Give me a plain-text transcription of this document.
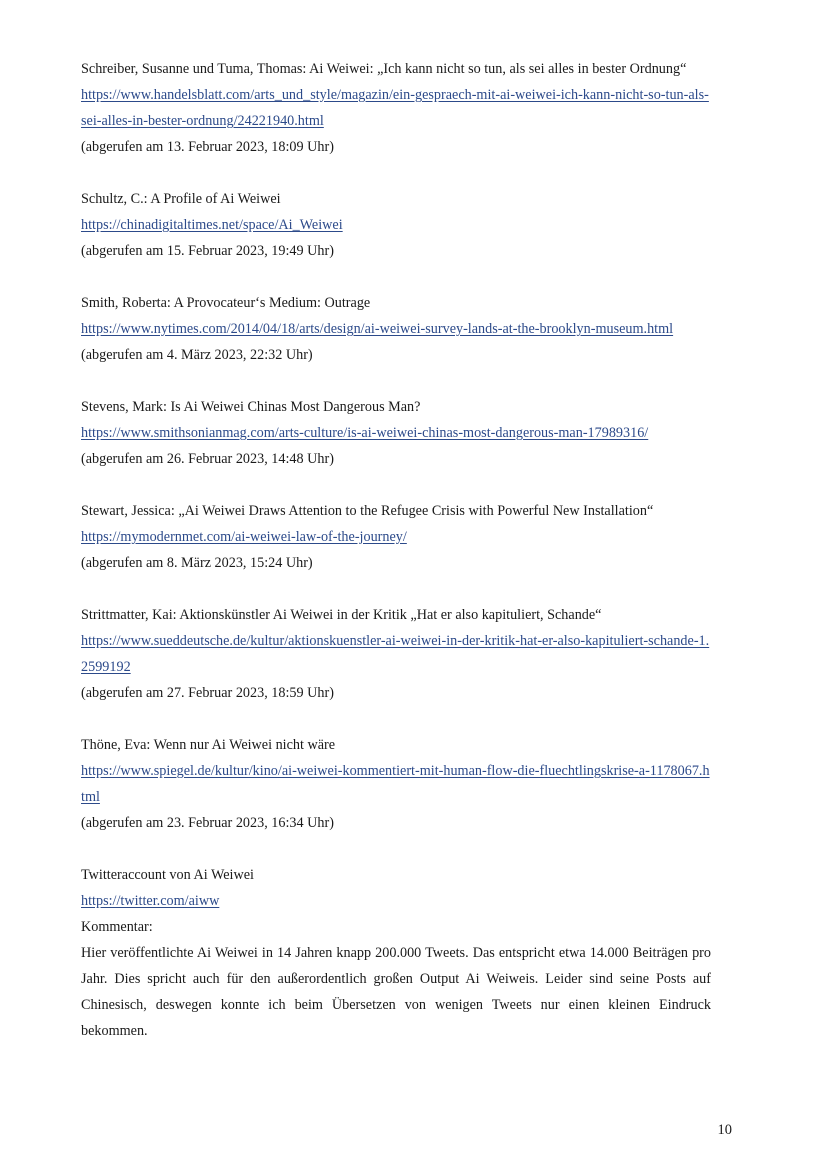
Schreiber, Susanne und Tuma, Thomas: Ai Weiwei: „Ich kann nicht so tun, als sei alles in bester Ordnung“
https://www.handelsblatt.com/arts_und_style/magazin/ein-gespraech-mit-ai-weiwei-ich-kann-nicht-so-tun-als-sei-alles-in-bester-ordnung/24221940.html
(abgerufen am 13. Februar 2023, 18:09 Uhr)
Schultz, C.: A Profile of Ai Weiwei
https://chinadigitaltimes.net/space/Ai_Weiwei
(abgerufen am 15. Februar 2023, 19:49 Uhr)
Smith, Roberta: A Provocateur‘s Medium: Outrage
https://www.nytimes.com/2014/04/18/arts/design/ai-weiwei-survey-lands-at-the-brooklyn-museum.html
(abgerufen am 4. März 2023, 22:32 Uhr)
Stevens, Mark: Is Ai Weiwei Chinas Most Dangerous Man?
https://www.smithsonianmag.com/arts-culture/is-ai-weiwei-chinas-most-dangerous-man-17989316/
(abgerufen am 26. Februar 2023, 14:48 Uhr)
Stewart, Jessica: „Ai Weiwei Draws Attention to the Refugee Crisis with Powerful New Installation“
https://mymodernmet.com/ai-weiwei-law-of-the-journey/
(abgerufen am 8. März 2023, 15:24 Uhr)
Strittmatter, Kai: Aktionskünstler Ai Weiwei in der Kritik „Hat er also kapituliert, Schande“
https://www.sueddeutsche.de/kultur/aktionskuenstler-ai-weiwei-in-der-kritik-hat-er-also-kapituliert-schande-1.2599192
(abgerufen am 27. Februar 2023, 18:59 Uhr)
Thöne, Eva: Wenn nur Ai Weiwei nicht wäre
https://www.spiegel.de/kultur/kino/ai-weiwei-kommentiert-mit-human-flow-die-fluechtlingskrise-a-1178067.html
(abgerufen am 23. Februar 2023, 16:34 Uhr)
Twitteraccount von Ai Weiwei
https://twitter.com/aiww
Kommentar:
Hier veröffentlichte Ai Weiwei in 14 Jahren knapp 200.000 Tweets. Das entspricht etwa 14.000 Beiträgen pro Jahr. Dies spricht auch für den außerordentlich großen Output Ai Weiweis. Leider sind seine Posts auf Chinesisch, deswegen konnte ich beim Übersetzen von wenigen Tweets nur einen kleinen Eindruck bekommen.
10
